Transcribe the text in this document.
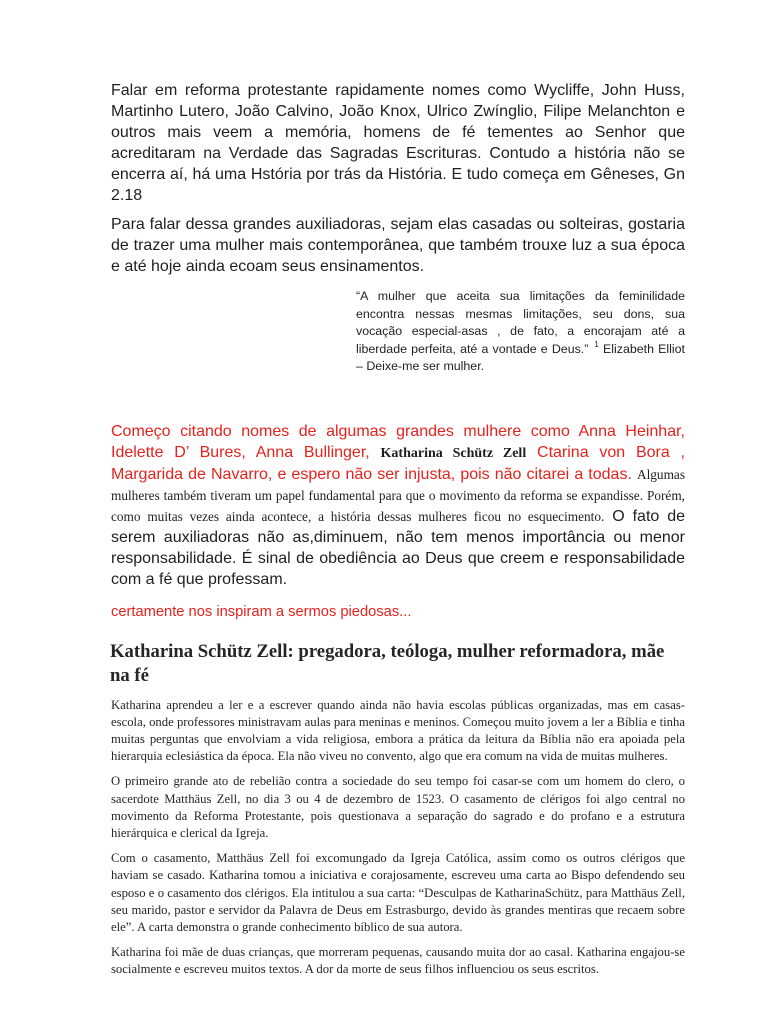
Falar em reforma protestante rapidamente nomes como Wycliffe, John Huss, Martinho Lutero, João Calvino, João Knox, Ulrico Zwínglio, Filipe Melanchton e outros mais veem a memória, homens de fé tementes ao Senhor que acreditaram na Verdade das Sagradas Escrituras. Contudo a história não se encerra aí, há uma Hstória por trás da História. E tudo começa em Gêneses, Gn 2.18

Para falar dessa grandes auxiliadoras, sejam elas casadas ou solteiras, gostaria de trazer uma mulher mais contemporânea, que também trouxe luz a sua época e até hoje ainda ecoam seus ensinamentos.

“A mulher que aceita sua limitações da feminilidade encontra nessas mesmas limitações, seu dons, sua vocação especial-asas , de fato, a encorajam até a liberdade perfeita, até a vontade e Deus.” $^1$ Elizabeth Elliot – Deixe-me ser mulher.

Começo citando nomes de algumas grandes mulhere como Anna Heinhar, Idelette D’ Bures, Anna Bullinger, Katharina Schütz Zell Ctarina von Bora , Margarida de Navarro, e espero não ser injusta, pois não citarei a todas. Algumas mulheres também tiveram um papel fundamental para que o movimento da reforma se expandisse. Porém, como muitas vezes ainda acontece, a história dessas mulheres ficou no esquecimento. O fato de serem auxiliadoras não as,diminuem, não tem menos importância ou menor responsabilidade. É sinal de obediência ao Deus que creem e responsabilidade com a fé que professam.

certamente nos inspiram a sermos piedosas...

Katharina Schütz Zell: pregadora, teóloga, mulher reformadora, mãe na fé

Katharina aprendeu a ler e a escrever quando ainda não havia escolas públicas organizadas, mas em casas-escola, onde professores ministravam aulas para meninas e meninos. Começou muito jovem a ler a Bíblia e tinha muitas perguntas que envolviam a vida religiosa, embora a prática da leitura da Bíblia não era apoiada pela hierarquia eclesiástica da época. Ela não viveu no convento, algo que era comum na vida de muitas mulheres.

O primeiro grande ato de rebelião contra a sociedade do seu tempo foi casar-se com um homem do clero, o sacerdote Matthäus Zell, no dia 3 ou 4 de dezembro de 1523. O casamento de clérigos foi algo central no movimento da Reforma Protestante, pois questionava a separação do sagrado e do profano e a estrutura hierárquica e clerical da Igreja.

Com o casamento, Matthäus Zell foi excomungado da Igreja Católica, assim como os outros clérigos que haviam se casado. Katharina tomou a iniciativa e corajosamente, escreveu uma carta ao Bispo defendendo seu esposo e o casamento dos clérigos. Ela intitulou a sua carta: “Desculpas de KatharinaSchütz, para Matthäus Zell, seu marido, pastor e servidor da Palavra de Deus em Estrasburgo, devido às grandes mentiras que recaem sobre ele”. A carta demonstra o grande conhecimento bíblico de sua autora.

Katharina foi mãe de duas crianças, que morreram pequenas, causando muita dor ao casal. Katharina engajou-se socialmente e escreveu muitos textos. A dor da morte de seus filhos influenciou os seus escritos.
